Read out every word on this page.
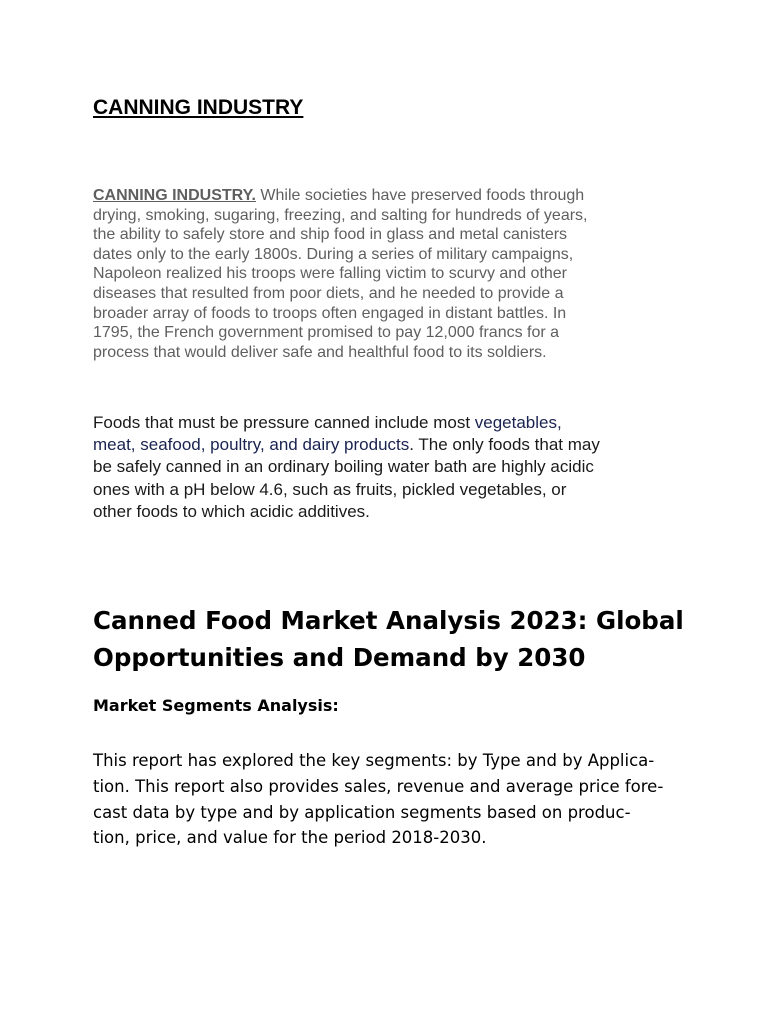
CANNING INDUSTRY

CANNING INDUSTRY. While societies have preserved foods through
drying, smoking, sugaring, freezing, and salting for hundreds of years,
the ability to safely store and ship food in glass and metal canisters
dates only to the early 1800s. During a series of military campaigns,
Napoleon realized his troops were falling victim to scurvy and other
diseases that resulted from poor diets, and he needed to provide a
broader array of foods to troops often engaged in distant battles. In
1795, the French government promised to pay 12,000 francs for a
process that would deliver safe and healthful food to its soldiers.

Foods that must be pressure canned include most vegetables,
meat, seafood, poultry, and dairy products. The only foods that may
be safely canned in an ordinary boiling water bath are highly acidic
ones with a pH below 4.6, such as fruits, pickled vegetables, or
other foods to which acidic additives.

Canned Food Market Analysis 2023: Global
Opportunities and Demand by 2030
Market Segments Analysis:

This report has explored the key segments: by Type and by Applica-
tion. This report also provides sales, revenue and average price fore-
cast data by type and by application segments based on produc-
tion, price, and value for the period 2018-2030.
